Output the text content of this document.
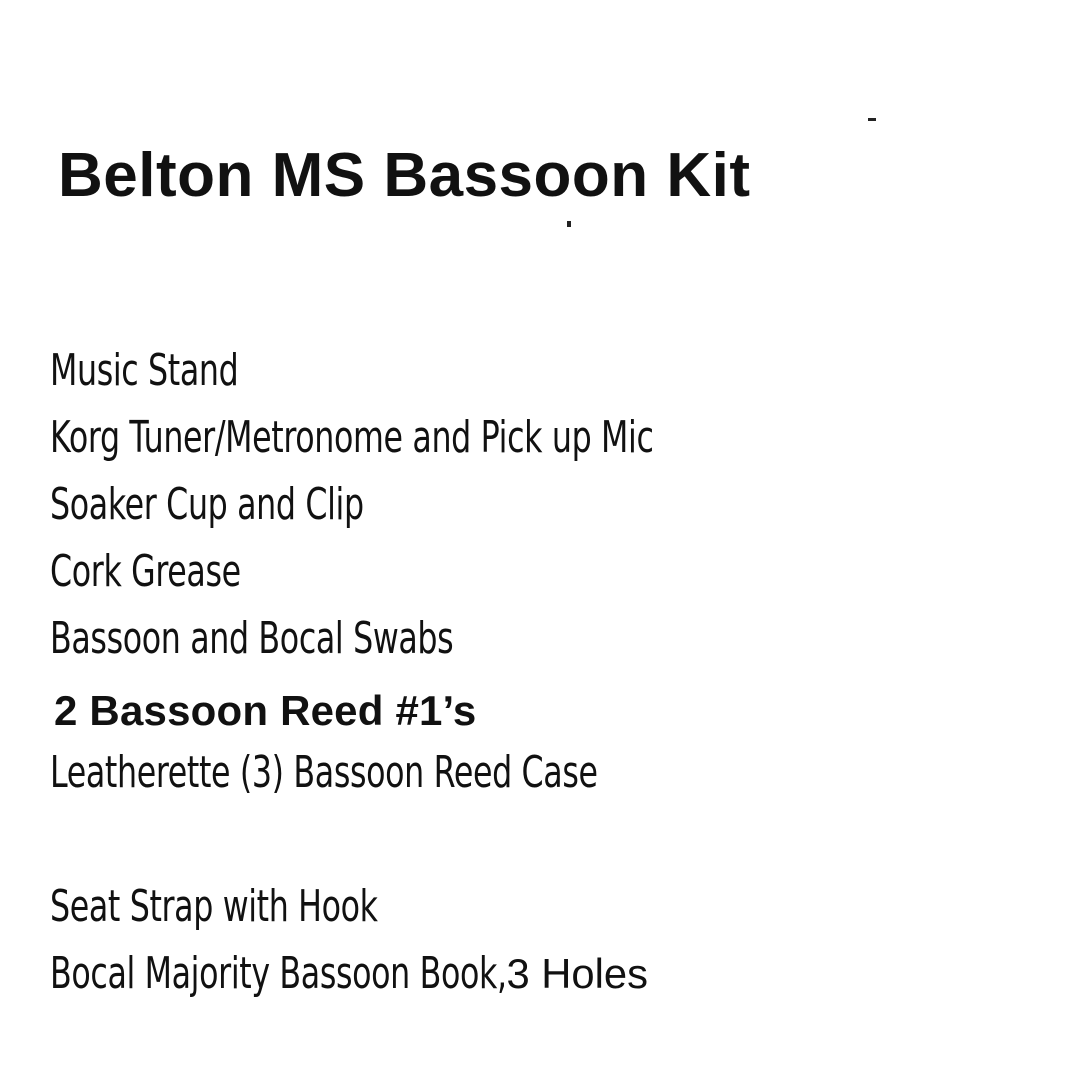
Belton MS Bassoon Kit
Music Stand
Korg Tuner/Metronome and Pick up Mic
Soaker Cup and Clip
Cork Grease
Bassoon and Bocal Swabs
2 Bassoon Reed #1’s
Leatherette (3) Bassoon Reed Case
Seat Strap with Hook
Bocal Majority Bassoon Book,3 Holes
